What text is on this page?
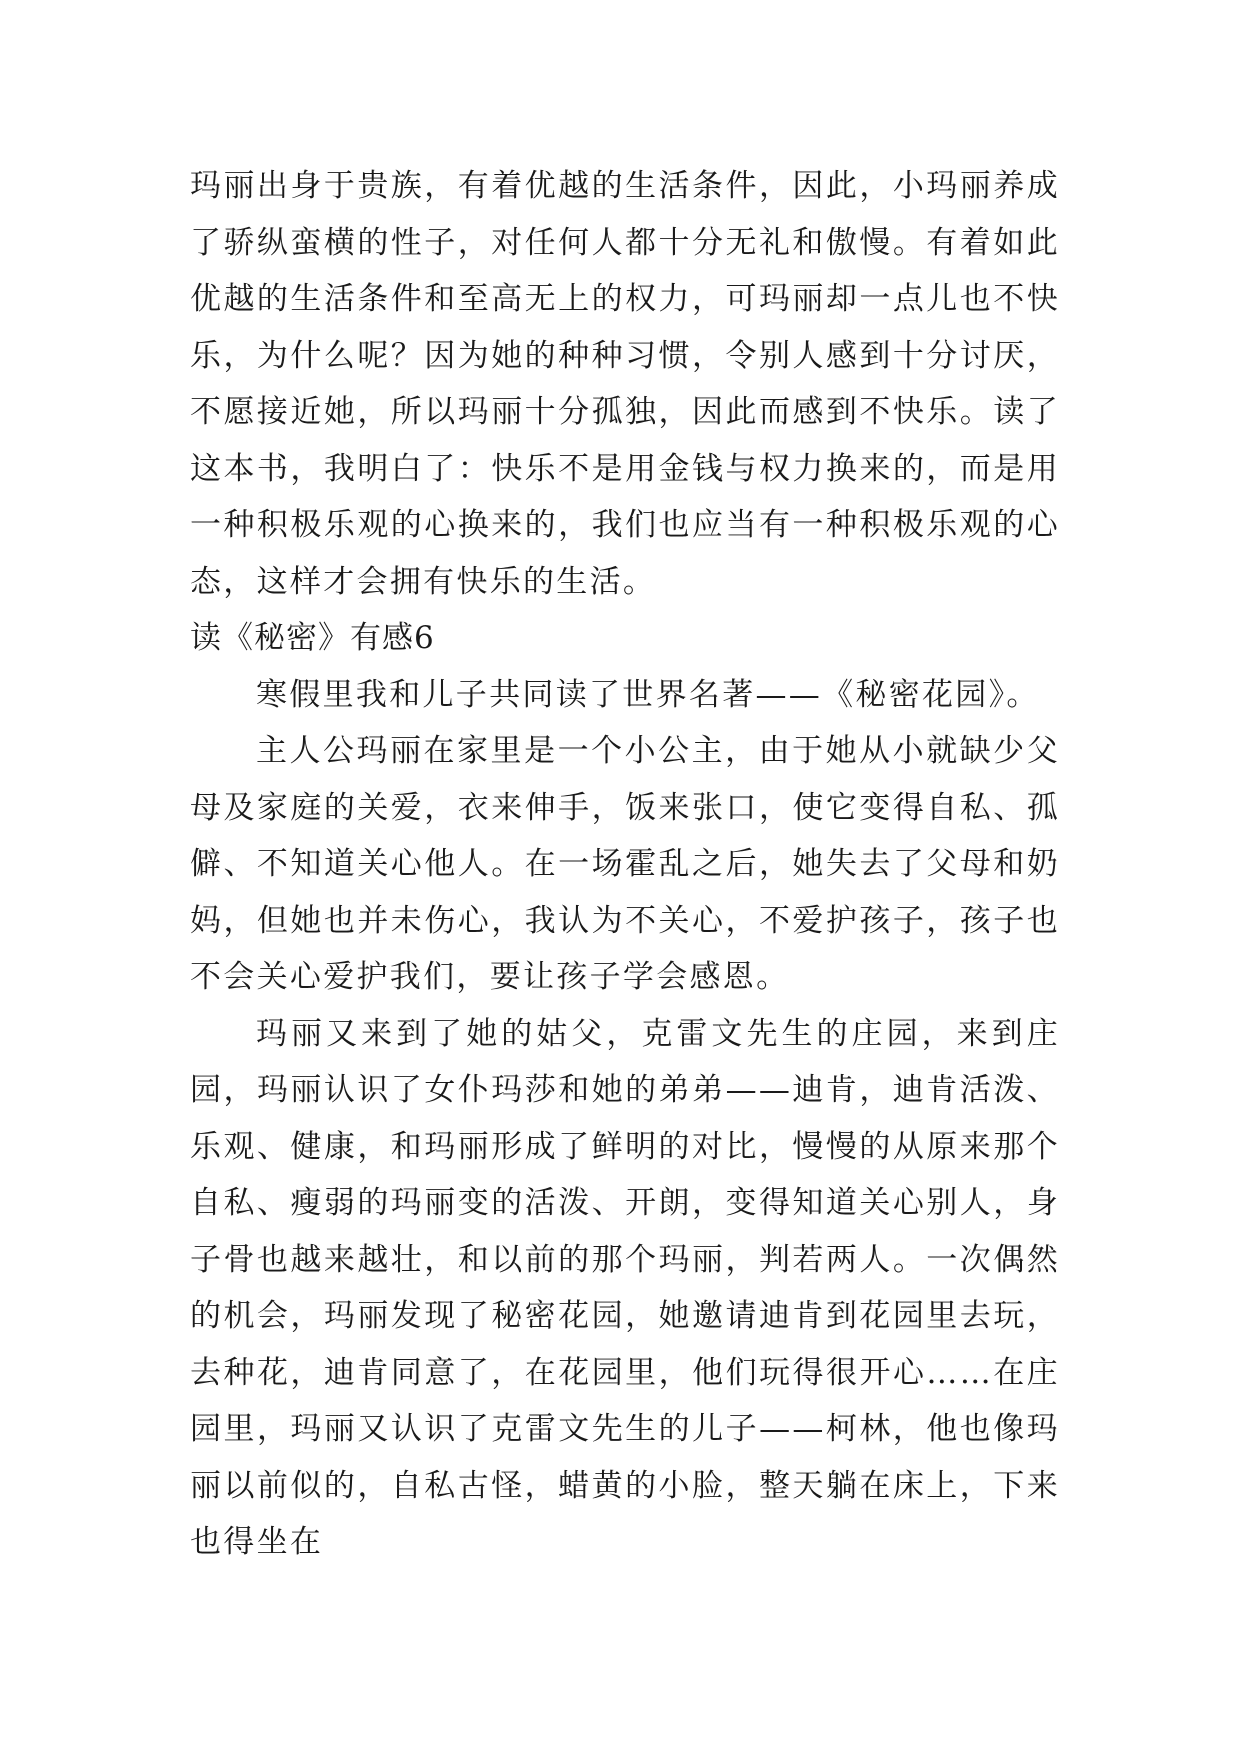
玛丽出身于贵族，有着优越的生活条件，因此，小玛丽养成了骄纵蛮横的性子，对任何人都十分无礼和傲慢。有着如此优越的生活条件和至高无上的权力，可玛丽却一点儿也不快乐，为什么呢？因为她的种种习惯，令别人感到十分讨厌，不愿接近她，所以玛丽十分孤独，因此而感到不快乐。读了这本书，我明白了：快乐不是用金钱与权力换来的，而是用一种积极乐观的心换来的，我们也应当有一种积极乐观的心态，这样才会拥有快乐的生活。

读《秘密》有感6

寒假里我和儿子共同读了世界名著——《秘密花园》。

主人公玛丽在家里是一个小公主，由于她从小就缺少父母及家庭的关爱，衣来伸手，饭来张口，使它变得自私、孤僻、不知道关心他人。在一场霍乱之后，她失去了父母和奶妈，但她也并未伤心，我认为不关心，不爱护孩子，孩子也不会关心爱护我们，要让孩子学会感恩。

玛丽又来到了她的姑父，克雷文先生的庄园，来到庄园，玛丽认识了女仆玛莎和她的弟弟——迪肯，迪肯活泼、乐观、健康，和玛丽形成了鲜明的对比，慢慢的从原来那个自私、瘦弱的玛丽变的活泼、开朗，变得知道关心别人，身子骨也越来越壮，和以前的那个玛丽，判若两人。一次偶然的机会，玛丽发现了秘密花园，她邀请迪肯到花园里去玩，去种花，迪肯同意了，在花园里，他们玩得很开心……在庄园里，玛丽又认识了克雷文先生的儿子——柯林，他也像玛丽以前似的，自私古怪，蜡黄的小脸，整天躺在床上，下来也得坐在
